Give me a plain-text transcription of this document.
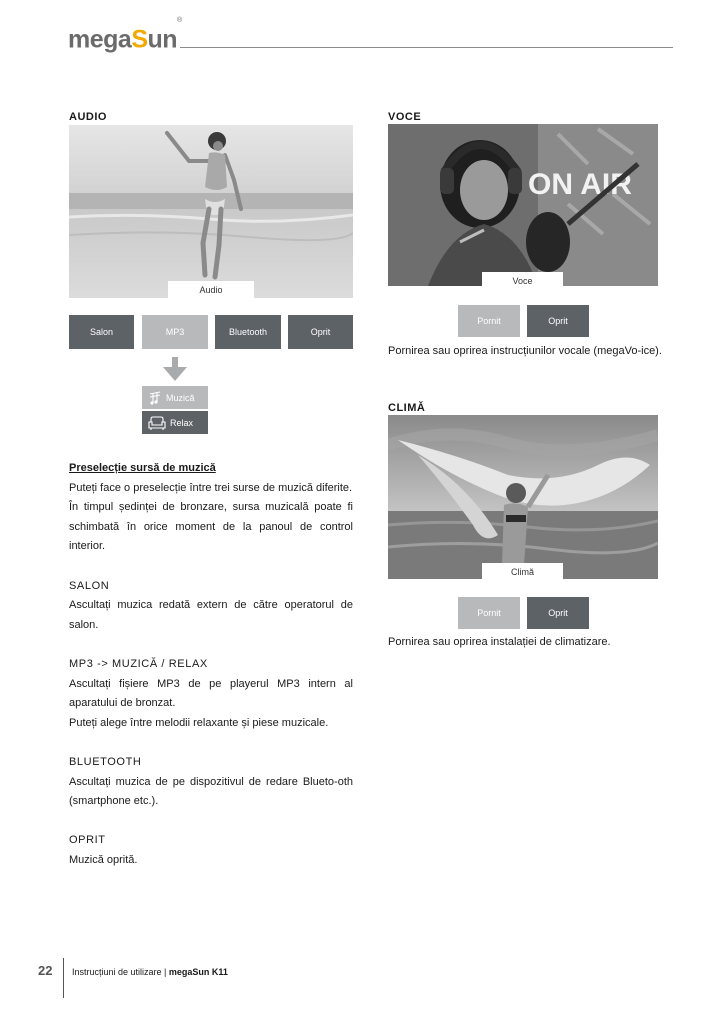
megaSun®
AUDIO
Audio
Salon	MP3	Bluetooth	Oprit
Muzică
Relax

Preselecție sursă de muzică

Puteți face o preselecție între trei surse de muzică diferite.

În timpul ședinței de bronzare, sursa muzicală poate fi schimbată în orice moment de la panoul de control interior.

SALON

Ascultați muzica redată extern de către operatorul de salon.

MP3 -> MUZICĂ / RELAX

Ascultați fișiere MP3 de pe playerul MP3 intern al aparatului de bronzat.

Puteți alege între melodii relaxante și piese muzicale.

BLUETOOTH

Ascultați muzica de pe dispozitivul de redare Blueto-oth (smartphone etc.).

OPRIT

Muzică oprită.

VOCE
ON AIR
Voce
Pornit	Oprit
Pornirea sau oprirea instrucțiunilor vocale (megaVo-ice).
CLIMĂ
Climă
Pornit	Oprit
Pornirea sau oprirea instalației de climatizare.
22 Instrucțiuni de utilizare | megaSun K11
